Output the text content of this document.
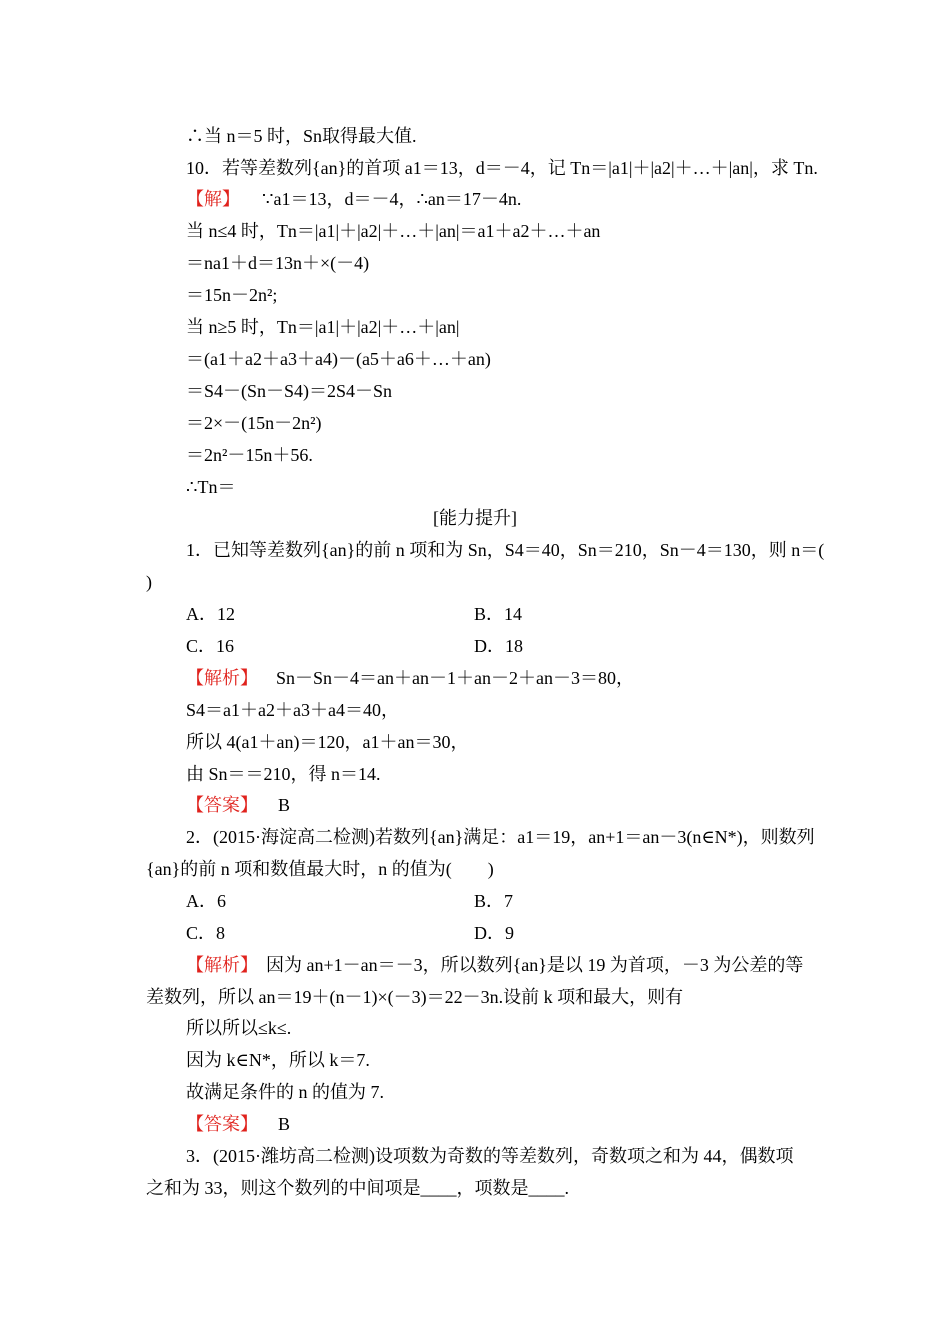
∴当 n＝5 时，Sn取得最大值.
10．若等差数列{an}的首项 a1＝13，d＝－4，记 Tn＝|a1|＋|a2|＋…＋|an|，求 Tn.
【解】 ∵a1＝13，d＝－4，∴an＝17－4n.
当 n≤4 时，Tn＝|a1|＋|a2|＋…＋|an|＝a1＋a2＋…＋an
＝na1＋d＝13n＋×(－4)
＝15n－2n²;
当 n≥5 时，Tn＝|a1|＋|a2|＋…＋|an|
＝(a1＋a2＋a3＋a4)－(a5＋a6＋…＋an)
＝S4－(Sn－S4)＝2S4－Sn
＝2×－(15n－2n²)
＝2n²－15n＋56.
∴Tn＝
[能力提升]
1．已知等差数列{an}的前 n 项和为 Sn，S4＝40，Sn＝210，Sn－4＝130，则 n＝(
)
A．12	B．14
C．16	D．18
【解析】 Sn－Sn－4＝an＋an－1＋an－2＋an－3＝80，
S4＝a1＋a2＋a3＋a4＝40，
所以 4(a1＋an)＝120，a1＋an＝30，
由 Sn＝＝210，得 n＝14.
【答案】 B
2．(2015·海淀高二检测)若数列{an}满足：a1＝19，an+1＝an－3(n∈N*)，则数列
{an}的前 n 项和数值最大时，n 的值为(　　)
A．6	B．7
C．8	D．9
【解析】 因为 an+1－an＝－3，所以数列{an}是以 19 为首项，－3 为公差的等
差数列，所以 an＝19＋(n－1)×(－3)＝22－3n.设前 k 项和最大，则有
所以所以≤k≤.
因为 k∈N*，所以 k＝7.
故满足条件的 n 的值为 7.
【答案】 B
3．(2015·潍坊高二检测)设项数为奇数的等差数列，奇数项之和为 44，偶数项
之和为 33，则这个数列的中间项是____，项数是____.
